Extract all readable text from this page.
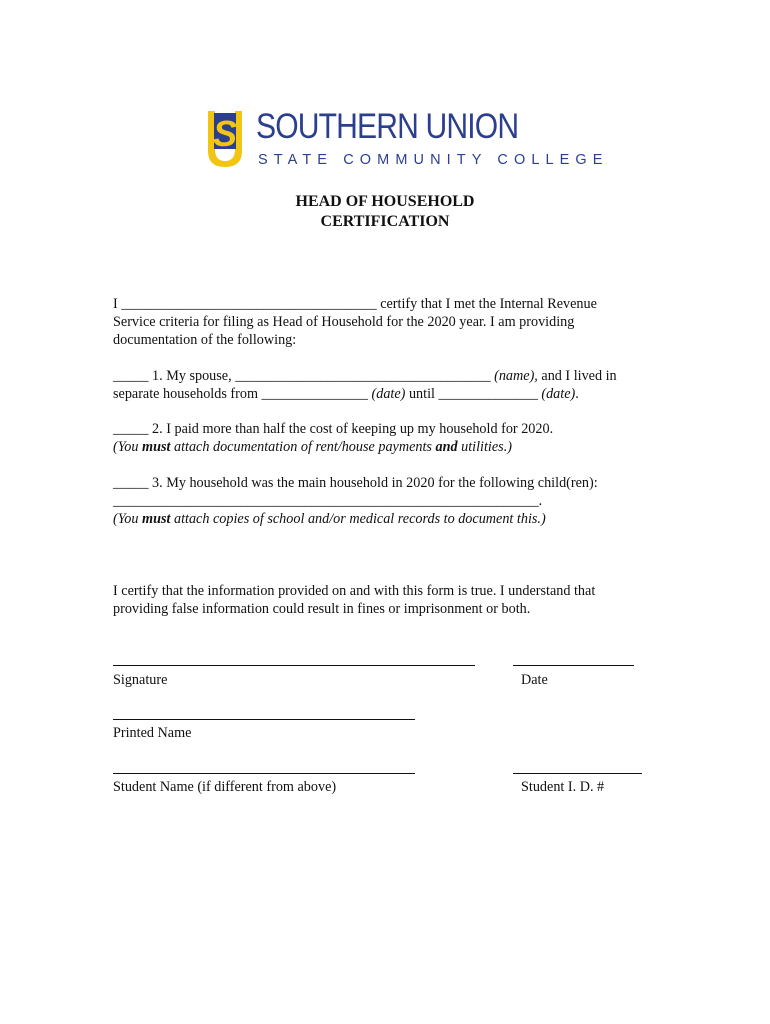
S SOUTHERN UNION
STATE COMMUNITY COLLEGE
HEAD OF HOUSEHOLD
CERTIFICATION
I ____________________________________ certify that I met the Internal Revenue
Service criteria for filing as Head of Household for the 2020 year. I am providing
documentation of the following:
_____ 1. My spouse, ____________________________________ (name), and I lived in
separate households from _______________ (date) until ______________ (date).
_____ 2. I paid more than half the cost of keeping up my household for 2020.
(You must attach documentation of rent/house payments and utilities.)
_____ 3. My household was the main household in 2020 for the following child(ren):
____________________________________________________________.
(You must attach copies of school and/or medical records to document this.)
I certify that the information provided on and with this form is true. I understand that
providing false information could result in fines or imprisonment or both.
Signature	Date
Printed Name
Student Name (if different from above)	Student I. D. #
